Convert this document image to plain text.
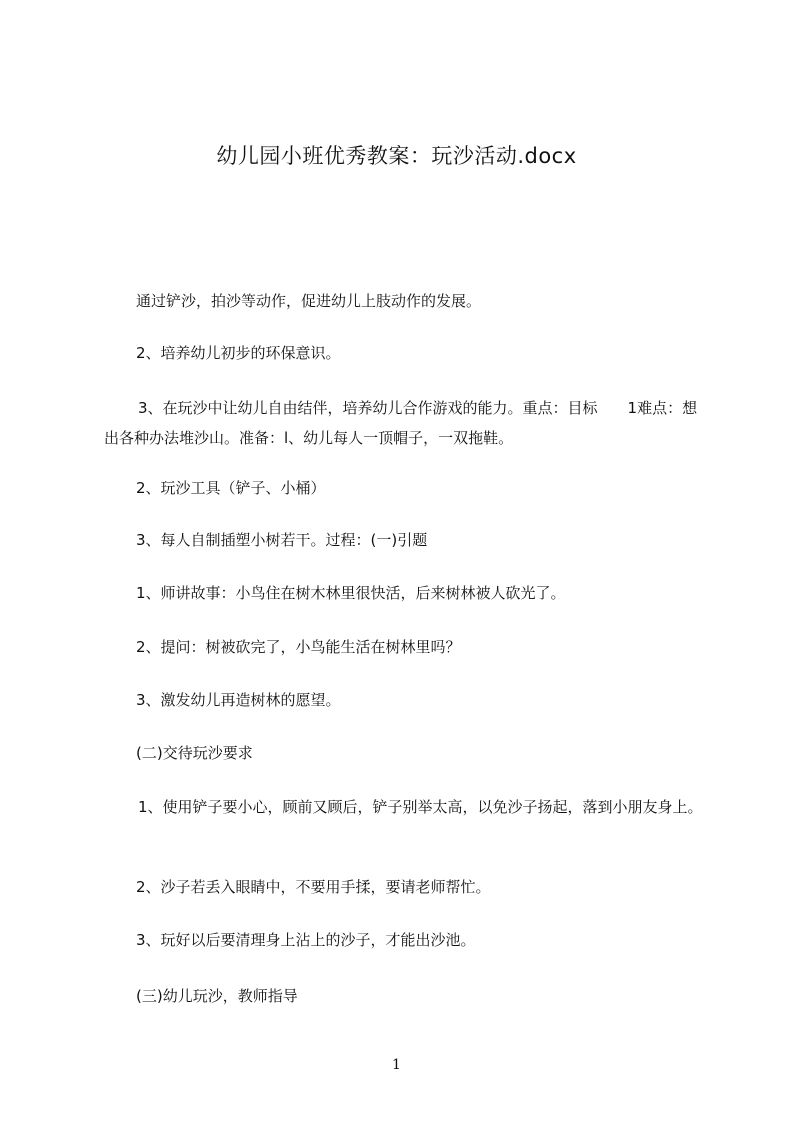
幼儿园小班优秀教案：玩沙活动.docx

通过铲沙，拍沙等动作，促进幼儿上肢动作的发展。

2、培养幼儿初步的环保意识。

3、在玩沙中让幼儿自由结伴，培养幼儿合作游戏的能力。重点：目标　　1难点：想出各种办法堆沙山。准备：l、幼儿每人一顶帽子，一双拖鞋。

2、玩沙工具（铲子、小桶）

3、每人自制插塑小树若干。过程：(一)引题

1、师讲故事：小鸟住在树木林里很快活，后来树林被人砍光了。

2、提问：树被砍完了，小鸟能生活在树林里吗？

3、激发幼儿再造树林的愿望。

(二)交待玩沙要求

1、使用铲子要小心，顾前又顾后，铲子别举太高，以免沙子扬起，落到小朋友身上。

2、沙子若丢入眼睛中，不要用手揉，要请老师帮忙。

3、玩好以后要清理身上沾上的沙子，才能出沙池。

(三)幼儿玩沙，教师指导

1
